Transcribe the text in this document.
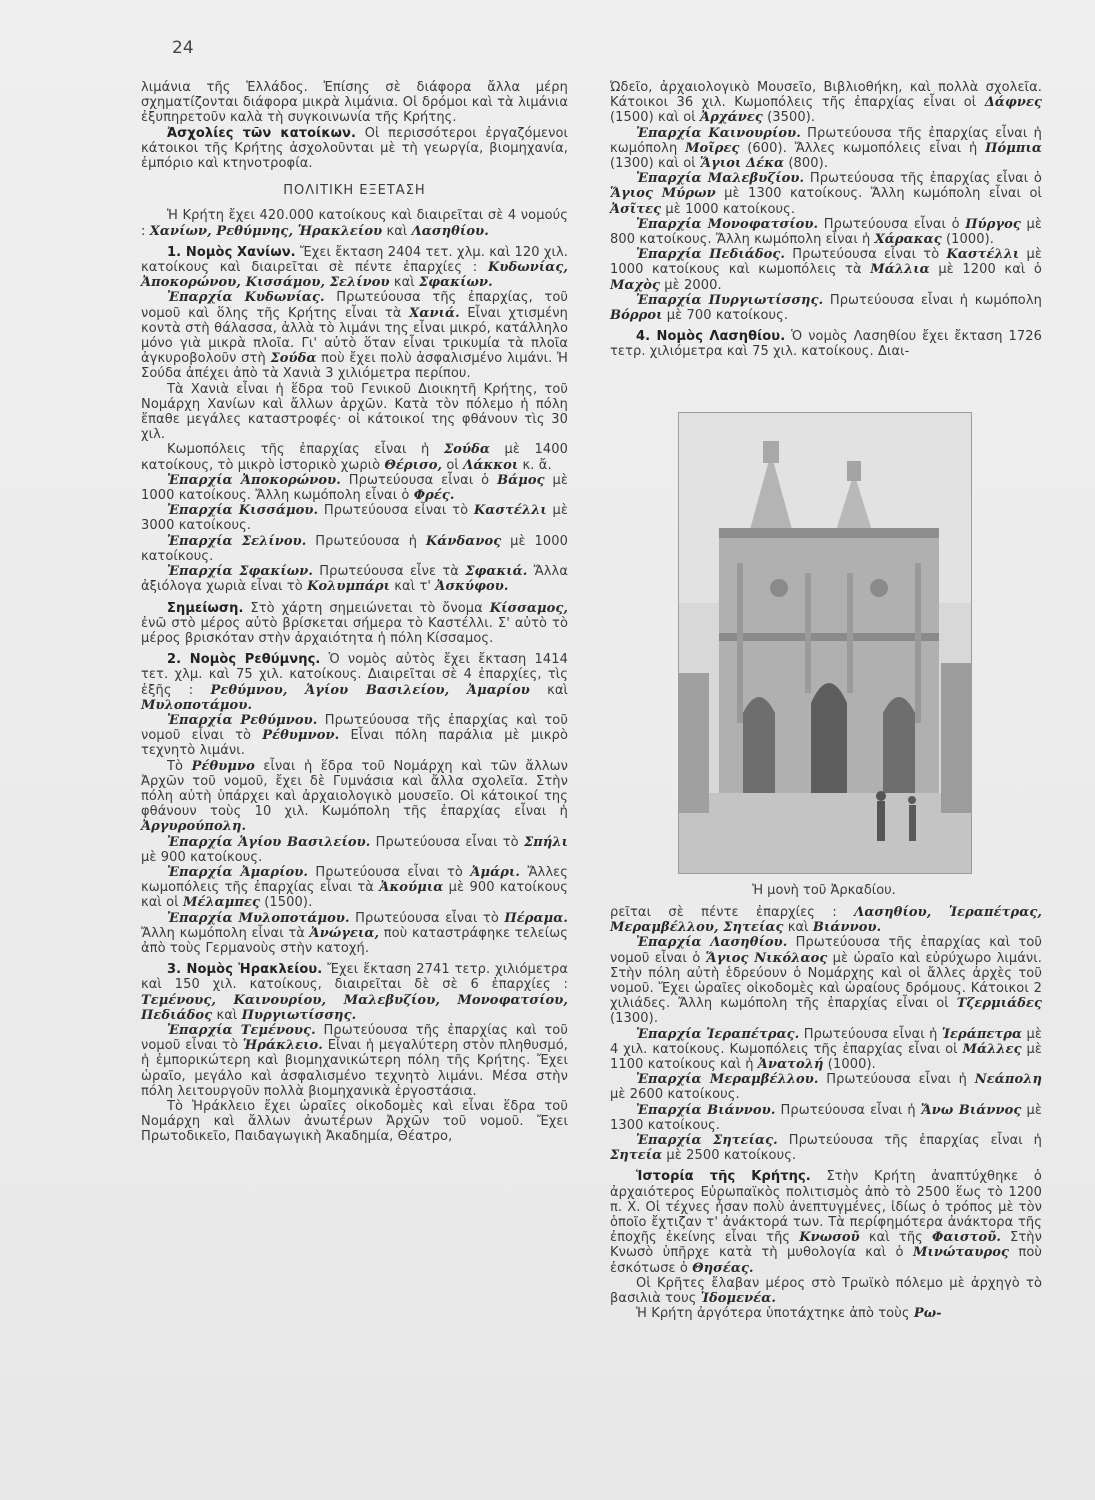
24

λιμάνια τῆς Ἑλλάδος. Ἐπίσης σὲ διάφορα ἄλλα μέρη σχηματίζονται διάφορα μικρὰ λιμάνια. Οἱ δρόμοι καὶ τὰ λιμάνια ἐξυπηρετοῦν καλὰ τὴ συγκοινωνία τῆς Κρήτης.

Ἀσχολίες τῶν κατοίκων. Οἱ περισσότεροι ἐργαζόμενοι κάτοικοι τῆς Κρήτης ἀσχολοῦνται μὲ τὴ γεωργία, βιομηχανία, ἐμπόριο καὶ κτηνοτροφία.

ΠΟΛΙΤΙΚΗ ΕΞΕΤΑΣΗ

Ἡ Κρήτη ἔχει 420.000 κατοίκους καὶ διαιρεῖται σὲ 4 νομούς : Χανίων, Ρεθύμνης, Ἡρακλείου καὶ Λασηθίου.

1. Νομὸς Χανίων. Ἔχει ἔκταση 2404 τετ. χλμ. καὶ 120 χιλ. κατοίκους καὶ διαιρεῖται σὲ πέντε ἐπαρχίες : Κυδωνίας, Ἀποκορώνου, Κισσάμου, Σελίνου καὶ Σφακίων.

Ἐπαρχία Κυδωνίας. Πρωτεύουσα τῆς ἐπαρχίας, τοῦ νομοῦ καὶ ὅλης τῆς Κρήτης εἶναι τὰ Χανιά. Εἶναι χτισμένη κοντὰ στὴ θάλασσα, ἀλλὰ τὸ λιμάνι της εἶναι μικρό, κατάλληλο μόνο γιὰ μικρὰ πλοῖα. Γι' αὐτὸ ὅταν εἶναι τρικυμία τὰ πλοῖα ἀγκυροβολοῦν στὴ Σούδα ποὺ ἔχει πολὺ ἀσφαλισμένο λιμάνι. Ἡ Σούδα ἀπέχει ἀπὸ τὰ Χανιὰ 3 χιλιόμετρα περίπου.

Τὰ Χανιὰ εἶναι ἡ ἕδρα τοῦ Γενικοῦ Διοικητῆ Κρήτης, τοῦ Νομάρχη Χανίων καὶ ἄλλων ἀρχῶν. Κατὰ τὸν πόλεμο ἡ πόλη ἔπαθε μεγάλες καταστροφές· οἱ κάτοικοί της φθάνουν τὶς 30 χιλ.

Κωμοπόλεις τῆς ἐπαρχίας εἶναι ἡ Σούδα μὲ 1400 κατοίκους, τὸ μικρὸ ἱστορικὸ χωριὸ Θέρισο, οἱ Λάκκοι κ. ἄ.

Ἐπαρχία Ἀποκορώνου. Πρωτεύουσα εἶναι ὁ Βάμος μὲ 1000 κατοίκους. Ἄλλη κωμόπολη εἶναι ὁ Φρές.

Ἐπαρχία Κισσάμου. Πρωτεύουσα εἶναι τὸ Καστέλλι μὲ 3000 κατοίκους.

Ἐπαρχία Σελίνου. Πρωτεύουσα ἡ Κάνδανος μὲ 1000 κατοίκους.

Ἐπαρχία Σφακίων. Πρωτεύουσα εἶνε τὰ Σφακιά. Ἄλλα ἀξιόλογα χωριὰ εἶναι τὸ Κολυμπάρι καὶ τ' Ἀσκύφου.

Σημείωση. Στὸ χάρτη σημειώνεται τὸ ὄνομα Κίσσαμος, ἐνῶ στὸ μέρος αὐτὸ βρίσκεται σήμερα τὸ Καστέλλι. Σ' αὐτὸ τὸ μέρος βρισκόταν στὴν ἀρχαιότητα ἡ πόλη Κίσσαμος.

2. Νομὸς Ρεθύμνης. Ὁ νομὸς αὐτὸς ἔχει ἔκταση 1414 τετ. χλμ. καὶ 75 χιλ. κατοίκους. Διαιρεῖται σὲ 4 ἐπαρχίες, τὶς ἑξῆς : Ρεθύμνου, Ἁγίου Βασιλείου, Ἀμαρίου καὶ Μυλοποτάμου.

Ἐπαρχία Ρεθύμνου. Πρωτεύουσα τῆς ἐπαρχίας καὶ τοῦ νομοῦ εἶναι τὸ Ρέθυμνον. Εἶναι πόλη παράλια μὲ μικρὸ τεχνητὸ λιμάνι.

Τὸ Ρέθυμνο εἶναι ἡ ἕδρα τοῦ Νομάρχη καὶ τῶν ἄλλων Ἀρχῶν τοῦ νομοῦ, ἔχει δὲ Γυμνάσια καὶ ἄλλα σχολεῖα. Στὴν πόλη αὐτὴ ὑπάρχει καὶ ἀρχαιολογικὸ μουσεῖο. Οἱ κάτοικοί της φθάνουν τοὺς 10 χιλ. Κωμόπολη τῆς ἐπαρχίας εἶναι ἡ Ἀργυρούπολη.

Ἐπαρχία Ἁγίου Βασιλείου. Πρωτεύουσα εἶναι τὸ Σπήλι μὲ 900 κατοίκους.

Ἐπαρχία Ἀμαρίου. Πρωτεύουσα εἶναι τὸ Ἀμάρι. Ἄλλες κωμοπόλεις τῆς ἐπαρχίας εἶναι τὰ Ἀκούμια μὲ 900 κατοίκους καὶ οἱ Μέλαμπες (1500).

Ἐπαρχία Μυλοποτάμου. Πρωτεύουσα εἶναι τὸ Πέραμα. Ἄλλη κωμόπολη εἶναι τὰ Ἀνώγεια, ποὺ καταστράφηκε τελείως ἀπὸ τοὺς Γερμανοὺς στὴν κατοχή.

3. Νομὸς Ἡρακλείου. Ἔχει ἔκταση 2741 τετρ. χιλιόμετρα καὶ 150 χιλ. κατοίκους, διαιρεῖται δὲ σὲ 6 ἐπαρχίες : Τεμένους, Καινουρίου, Μαλεβυζίου, Μονοφατσίου, Πεδιάδος καὶ Πυργιωτίσσης.

Ἐπαρχία Τεμένους. Πρωτεύουσα τῆς ἐπαρχίας καὶ τοῦ νομοῦ εἶναι τὸ Ἡράκλειο. Εἶναι ἡ μεγαλύτερη στὸν πληθυσμό, ἡ ἐμπορικώτερη καὶ βιομηχανικώτερη πόλη τῆς Κρήτης. Ἔχει ὡραῖο, μεγάλο καὶ ἀσφαλισμένο τεχνητὸ λιμάνι. Μέσα στὴν πόλη λειτουργοῦν πολλὰ βιομηχανικὰ ἐργοστάσια.

Τὸ Ἡράκλειο ἔχει ὡραῖες οἰκοδομὲς καὶ εἶναι ἕδρα τοῦ Νομάρχη καὶ ἄλλων ἀνωτέρων Ἀρχῶν τοῦ νομοῦ. Ἔχει Πρωτοδικεῖο, Παιδαγωγικὴ Ἀκαδημία, Θέατρο,

Ὠδεῖο, ἀρχαιολογικὸ Μουσεῖο, Βιβλιοθήκη, καὶ πολλὰ σχολεῖα. Κάτοικοι 36 χιλ. Κωμοπόλεις τῆς ἐπαρχίας εἶναι οἱ Δάφνες (1500) καὶ οἱ Ἀρχάνες (3500).

Ἐπαρχία Καινουρίου. Πρωτεύουσα τῆς ἐπαρχίας εἶναι ἡ κωμόπολη Μοῖρες (600). Ἄλλες κωμοπόλεις εἶναι ἡ Πόμπια (1300) καὶ οἱ Ἅγιοι Δέκα (800).

Ἐπαρχία Μαλεβυζίου. Πρωτεύουσα τῆς ἐπαρχίας εἶναι ὁ Ἅγιος Μύρων μὲ 1300 κατοίκους. Ἄλλη κωμόπολη εἶναι οἱ Ἀσῖτες μὲ 1000 κατοίκους.

Ἐπαρχία Μονοφατσίου. Πρωτεύουσα εἶναι ὁ Πύργος μὲ 800 κατοίκους. Ἄλλη κωμόπολη εἶναι ἡ Χάρακας (1000).

Ἐπαρχία Πεδιάδος. Πρωτεύουσα εἶναι τὸ Καστέλλι μὲ 1000 κατοίκους καὶ κωμοπόλεις τὰ Μάλλια μὲ 1200 καὶ ὁ Μαχὸς μὲ 2000.

Ἐπαρχία Πυργιωτίσσης. Πρωτεύουσα εἶναι ἡ κωμόπολη Βόρροι μὲ 700 κατοίκους.

4. Νομὸς Λασηθίου. Ὁ νομὸς Λασηθίου ἔχει ἔκταση 1726 τετρ. χιλιόμετρα καὶ 75 χιλ. κατοίκους. Διαι-

Ἡ μονὴ τοῦ Ἀρκαδίου.

ρεῖται σὲ πέντε ἐπαρχίες : Λασηθίου, Ἱεραπέτρας, Μεραμβέλλου, Σητείας καὶ Βιάννου.

Ἐπαρχία Λασηθίου. Πρωτεύουσα τῆς ἐπαρχίας καὶ τοῦ νομοῦ εἶναι ὁ Ἅγιος Νικόλαος μὲ ὡραῖο καὶ εὐρύχωρο λιμάνι. Στὴν πόλη αὐτὴ ἑδρεύουν ὁ Νομάρχης καὶ οἱ ἄλλες ἀρχὲς τοῦ νομοῦ. Ἔχει ὡραῖες οἰκοδομὲς καὶ ὡραίους δρόμους. Κάτοικοι 2 χιλιάδες. Ἄλλη κωμόπολη τῆς ἐπαρχίας εἶναι οἱ Τζερμιάδες (1300).

Ἐπαρχία Ἱεραπέτρας. Πρωτεύουσα εἶναι ἡ Ἱεράπετρα μὲ 4 χιλ. κατοίκους. Κωμοπόλεις τῆς ἐπαρχίας εἶναι οἱ Μάλλες μὲ 1100 κατοίκους καὶ ἡ Ἀνατολή (1000).

Ἐπαρχία Μεραμβέλλου. Πρωτεύουσα εἶναι ἡ Νεάπολη μὲ 2600 κατοίκους.

Ἐπαρχία Βιάννου. Πρωτεύουσα εἶναι ἡ Ἄνω Βιάννος μὲ 1300 κατοίκους.

Ἐπαρχία Σητείας. Πρωτεύουσα τῆς ἐπαρχίας εἶναι ἡ Σητεία μὲ 2500 κατοίκους.

Ἱστορία τῆς Κρήτης. Στὴν Κρήτη ἀναπτύχθηκε ὁ ἀρχαιότερος Εὐρωπαϊκὸς πολιτισμὸς ἀπὸ τὸ 2500 ἕως τὸ 1200 π. Χ. Οἱ τέχνες ἦσαν πολὺ ἀνεπτυγμένες, ἰδίως ὁ τρόπος μὲ τὸν ὁποῖο ἔχτιζαν τ' ἀνάκτορά των. Τὰ περίφημότερα ἀνάκτορα τῆς ἐποχῆς ἐκείνης εἶναι τῆς Κνωσοῦ καὶ τῆς Φαιστοῦ. Στὴν Κνωσὸ ὑπῆρχε κατὰ τὴ μυθολογία καὶ ὁ Μινώταυρος ποὺ ἐσκότωσε ὁ Θησέας.

Οἱ Κρῆτες ἔλαβαν μέρος στὸ Τρωϊκὸ πόλεμο μὲ ἀρχηγὸ τὸ βασιλιὰ τους Ἰδομενέα.

Ἡ Κρήτη ἀργότερα ὑποτάχτηκε ἀπὸ τοὺς Ρω-
